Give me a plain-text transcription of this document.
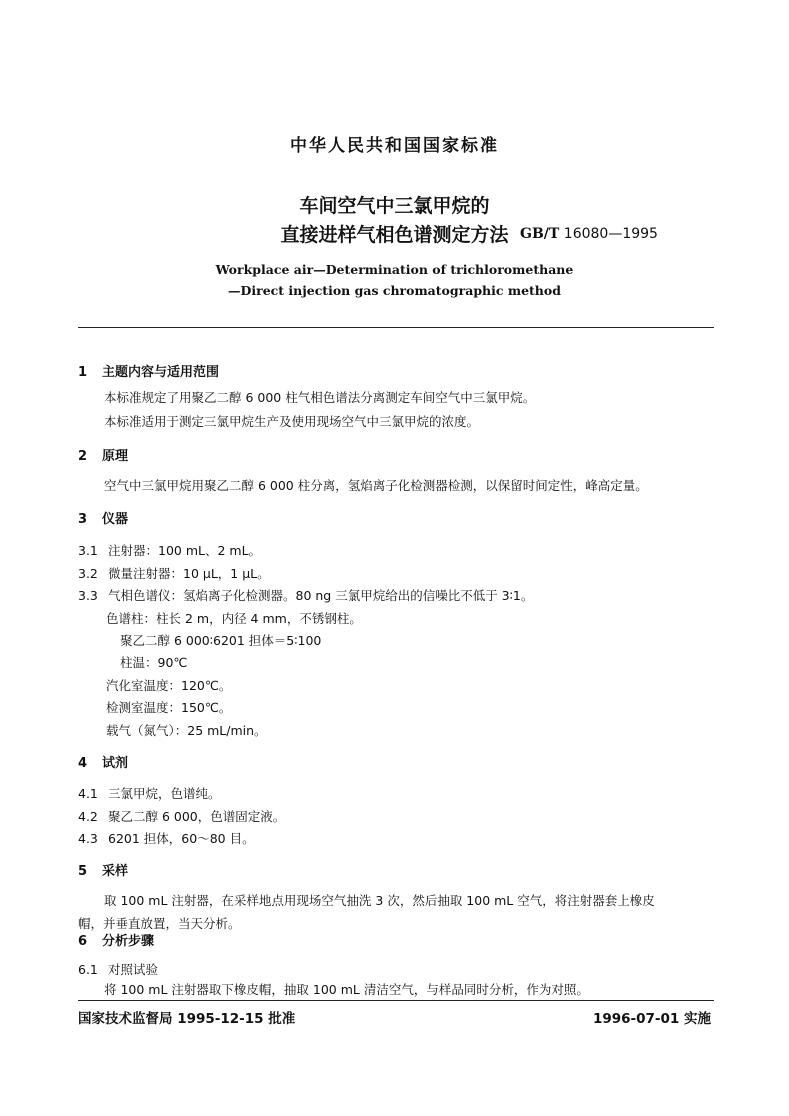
中华人民共和国国家标准
车间空气中三氯甲烷的
直接进样气相色谱测定方法 GB/T 16080—1995
Workplace air—Determination of trichloromethane
—Direct injection gas chromatographic method
1 主题内容与适用范围
本标准规定了用聚乙二醇 6 000 柱气相色谱法分离测定车间空气中三氯甲烷。
本标准适用于测定三氯甲烷生产及使用现场空气中三氯甲烷的浓度。
2 原理
空气中三氯甲烷用聚乙二醇 6 000 柱分离，氢焰离子化检测器检测，以保留时间定性，峰高定量。
3 仪器
3.1 注射器：100 mL、2 mL。
3.2 微量注射器：10 μL，1 μL。
3.3 气相色谱仪：氢焰离子化检测器。80 ng 三氯甲烷给出的信噪比不低于 3∶1。
色谱柱：柱长 2 m，内径 4 mm，不锈钢柱。
聚乙二醇 6 000∶6201 担体＝5∶100
柱温：90℃
汽化室温度：120℃。
检测室温度：150℃。
载气（氮气）：25 mL/min。
4 试剂
4.1 三氯甲烷，色谱纯。
4.2 聚乙二醇 6 000，色谱固定液。
4.3 6201 担体，60～80 目。
5 采样
取 100 mL 注射器，在采样地点用现场空气抽洗 3 次，然后抽取 100 mL 空气，将注射器套上橡皮
帽，并垂直放置，当天分析。
6 分析步骤
6.1 对照试验
将 100 mL 注射器取下橡皮帽，抽取 100 mL 清洁空气，与样品同时分析，作为对照。
国家技术监督局 1995-12-15 批准	1996-07-01 实施
